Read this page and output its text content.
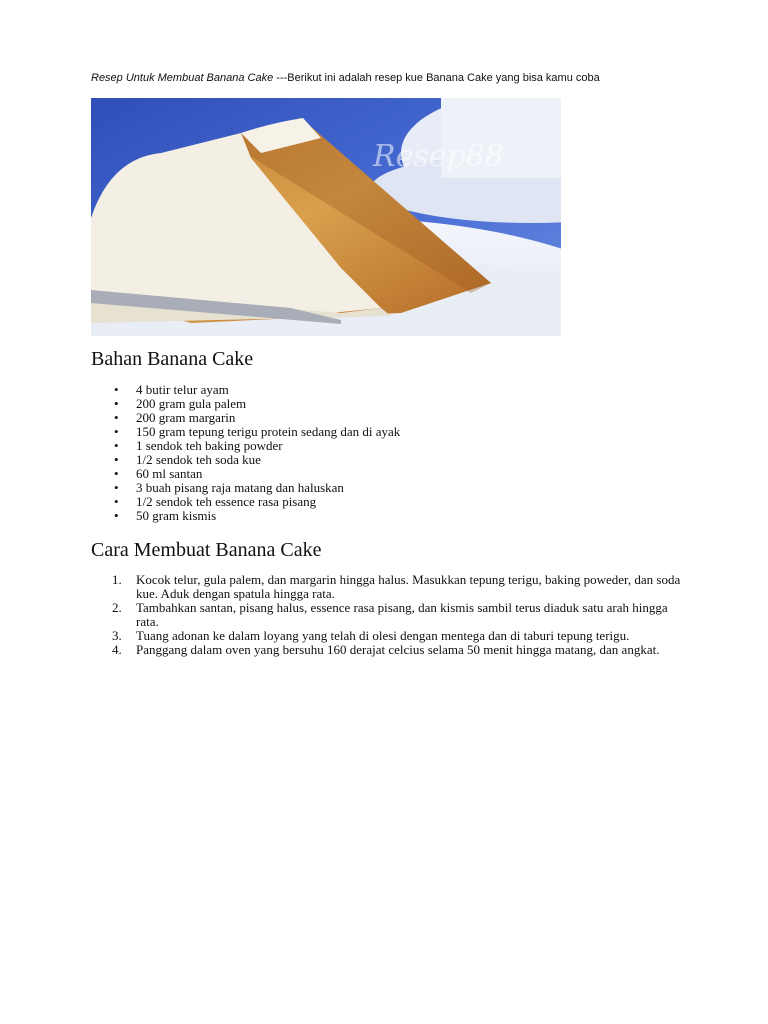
Resep Untuk Membuat Banana Cake ---Berikut ini adalah resep kue Banana Cake yang bisa kamu coba
Resep88
Bahan Banana Cake
• 4 butir telur ayam
• 200 gram gula palem
• 200 gram margarin
• 150 gram tepung terigu protein sedang dan di ayak
• 1 sendok teh baking powder
• 1/2 sendok teh soda kue
• 60 ml santan
• 3 buah pisang raja matang dan haluskan
• 1/2 sendok teh essence rasa pisang
• 50 gram kismis
Cara Membuat Banana Cake
1. Kocok telur, gula palem, dan margarin hingga halus. Masukkan tepung terigu, baking poweder, dan soda kue. Aduk dengan spatula hingga rata.
2. Tambahkan santan, pisang halus, essence rasa pisang, dan kismis sambil terus diaduk satu arah hingga rata.
3. Tuang adonan ke dalam loyang yang telah di olesi dengan mentega dan di taburi tepung terigu.
4. Panggang dalam oven yang bersuhu 160 derajat celcius selama 50 menit hingga matang, dan angkat.
